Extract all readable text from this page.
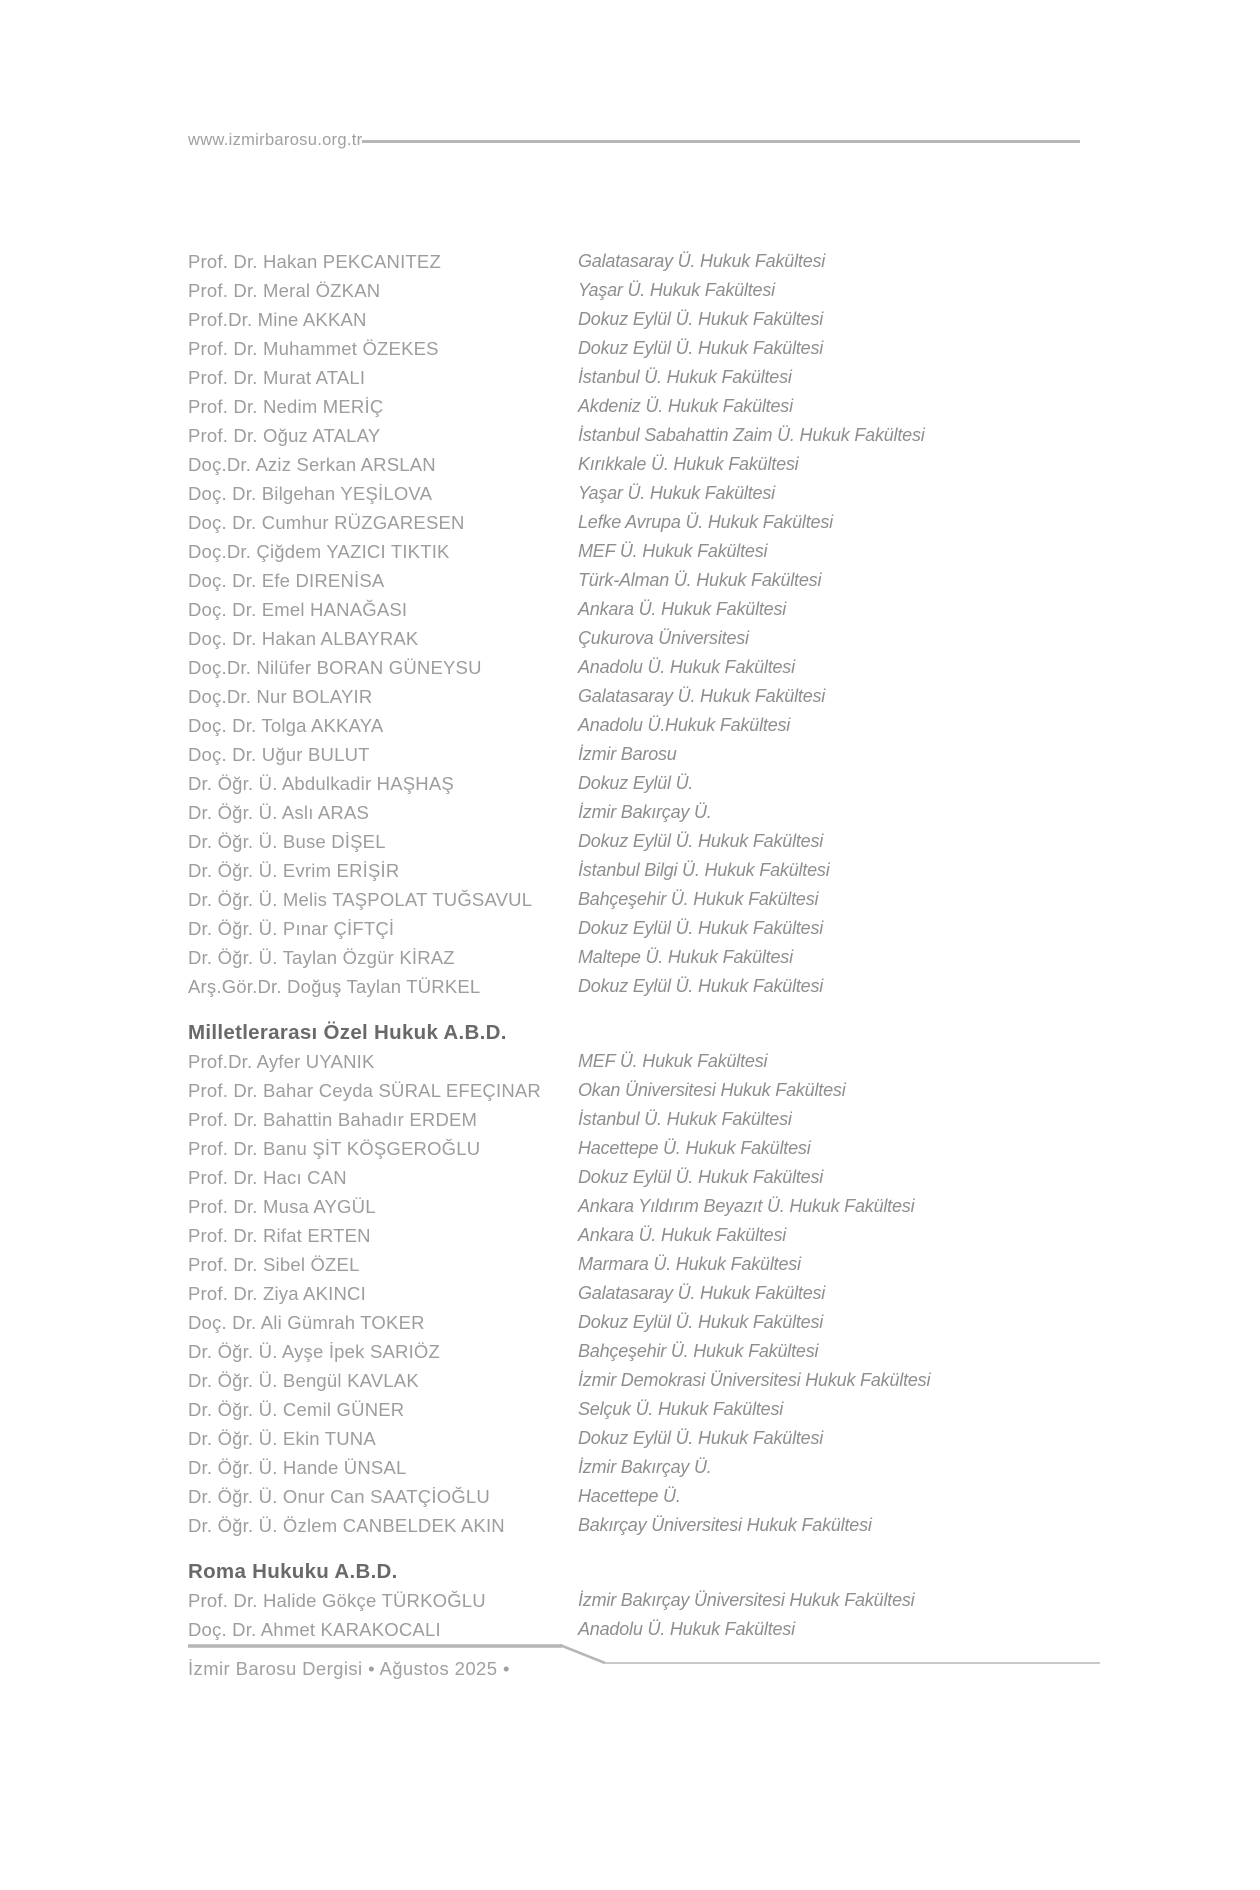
www.izmirbarosu.org.tr
Prof. Dr. Hakan PEKCANITEZ	Galatasaray Ü. Hukuk Fakültesi
Prof. Dr. Meral ÖZKAN	Yaşar Ü. Hukuk Fakültesi
Prof.Dr. Mine AKKAN	Dokuz Eylül Ü. Hukuk Fakültesi
Prof. Dr. Muhammet ÖZEKES	Dokuz Eylül Ü. Hukuk Fakültesi
Prof. Dr. Murat ATALI	İstanbul Ü. Hukuk Fakültesi
Prof. Dr. Nedim MERİÇ	Akdeniz Ü. Hukuk Fakültesi
Prof. Dr. Oğuz ATALAY	İstanbul Sabahattin Zaim Ü. Hukuk Fakültesi
Doç.Dr. Aziz Serkan ARSLAN	Kırıkkale Ü. Hukuk Fakültesi
Doç. Dr. Bilgehan YEŞİLOVA	Yaşar Ü. Hukuk Fakültesi
Doç. Dr. Cumhur RÜZGARESEN	Lefke Avrupa Ü. Hukuk Fakültesi
Doç.Dr. Çiğdem YAZICI TIKTIK	MEF Ü. Hukuk Fakültesi
Doç. Dr. Efe DIRENİSA	Türk-Alman Ü. Hukuk Fakültesi
Doç. Dr. Emel HANAĞASI	Ankara Ü. Hukuk Fakültesi
Doç. Dr. Hakan ALBAYRAK	Çukurova Üniversitesi
Doç.Dr. Nilüfer BORAN GÜNEYSU	Anadolu Ü. Hukuk Fakültesi
Doç.Dr. Nur BOLAYIR	Galatasaray Ü. Hukuk Fakültesi
Doç. Dr. Tolga AKKAYA	Anadolu Ü.Hukuk Fakültesi
Doç. Dr. Uğur BULUT	İzmir Barosu
Dr. Öğr. Ü. Abdulkadir HAŞHAŞ	Dokuz Eylül Ü.
Dr. Öğr. Ü. Aslı ARAS	İzmir Bakırçay Ü.
Dr. Öğr. Ü. Buse DİŞEL	Dokuz Eylül Ü. Hukuk Fakültesi
Dr. Öğr. Ü. Evrim ERİŞİR	İstanbul Bilgi Ü. Hukuk Fakültesi
Dr. Öğr. Ü. Melis TAŞPOLAT TUĞSAVUL	Bahçeşehir Ü. Hukuk Fakültesi
Dr. Öğr. Ü. Pınar ÇİFTÇİ	Dokuz Eylül Ü. Hukuk Fakültesi
Dr. Öğr. Ü. Taylan Özgür KİRAZ	Maltepe Ü. Hukuk Fakültesi
Arş.Gör.Dr. Doğuş Taylan TÜRKEL	Dokuz Eylül Ü. Hukuk Fakültesi
Milletlerarası Özel Hukuk A.B.D.
Prof.Dr. Ayfer UYANIK	MEF Ü. Hukuk Fakültesi
Prof. Dr. Bahar Ceyda SÜRAL EFEÇINAR	Okan Üniversitesi Hukuk Fakültesi
Prof. Dr. Bahattin Bahadır ERDEM	İstanbul Ü. Hukuk Fakültesi
Prof. Dr. Banu ŞİT KÖŞGEROĞLU	Hacettepe Ü. Hukuk Fakültesi
Prof. Dr. Hacı CAN	Dokuz Eylül Ü. Hukuk Fakültesi
Prof. Dr. Musa AYGÜL	Ankara Yıldırım Beyazıt Ü. Hukuk Fakültesi
Prof. Dr. Rifat ERTEN	Ankara Ü. Hukuk Fakültesi
Prof. Dr. Sibel ÖZEL	Marmara Ü. Hukuk Fakültesi
Prof. Dr. Ziya AKINCI	Galatasaray Ü. Hukuk Fakültesi
Doç. Dr. Ali Gümrah TOKER	Dokuz Eylül Ü. Hukuk Fakültesi
Dr. Öğr. Ü. Ayşe İpek SARIÖZ	Bahçeşehir Ü. Hukuk Fakültesi
Dr. Öğr. Ü. Bengül KAVLAK	İzmir Demokrasi Üniversitesi Hukuk Fakültesi
Dr. Öğr. Ü. Cemil GÜNER	Selçuk Ü. Hukuk Fakültesi
Dr. Öğr. Ü. Ekin TUNA	Dokuz Eylül Ü. Hukuk Fakültesi
Dr. Öğr. Ü. Hande ÜNSAL	İzmir Bakırçay Ü.
Dr. Öğr. Ü. Onur Can SAATÇİOĞLU	Hacettepe Ü.
Dr. Öğr. Ü. Özlem CANBELDEK AKIN	Bakırçay Üniversitesi Hukuk Fakültesi
Roma Hukuku A.B.D.
Prof. Dr. Halide Gökçe TÜRKOĞLU	İzmir Bakırçay Üniversitesi Hukuk Fakültesi
Doç. Dr. Ahmet KARAKOCALI	Anadolu Ü. Hukuk Fakültesi
İzmir Barosu Dergisi • Ağustos 2025 •
